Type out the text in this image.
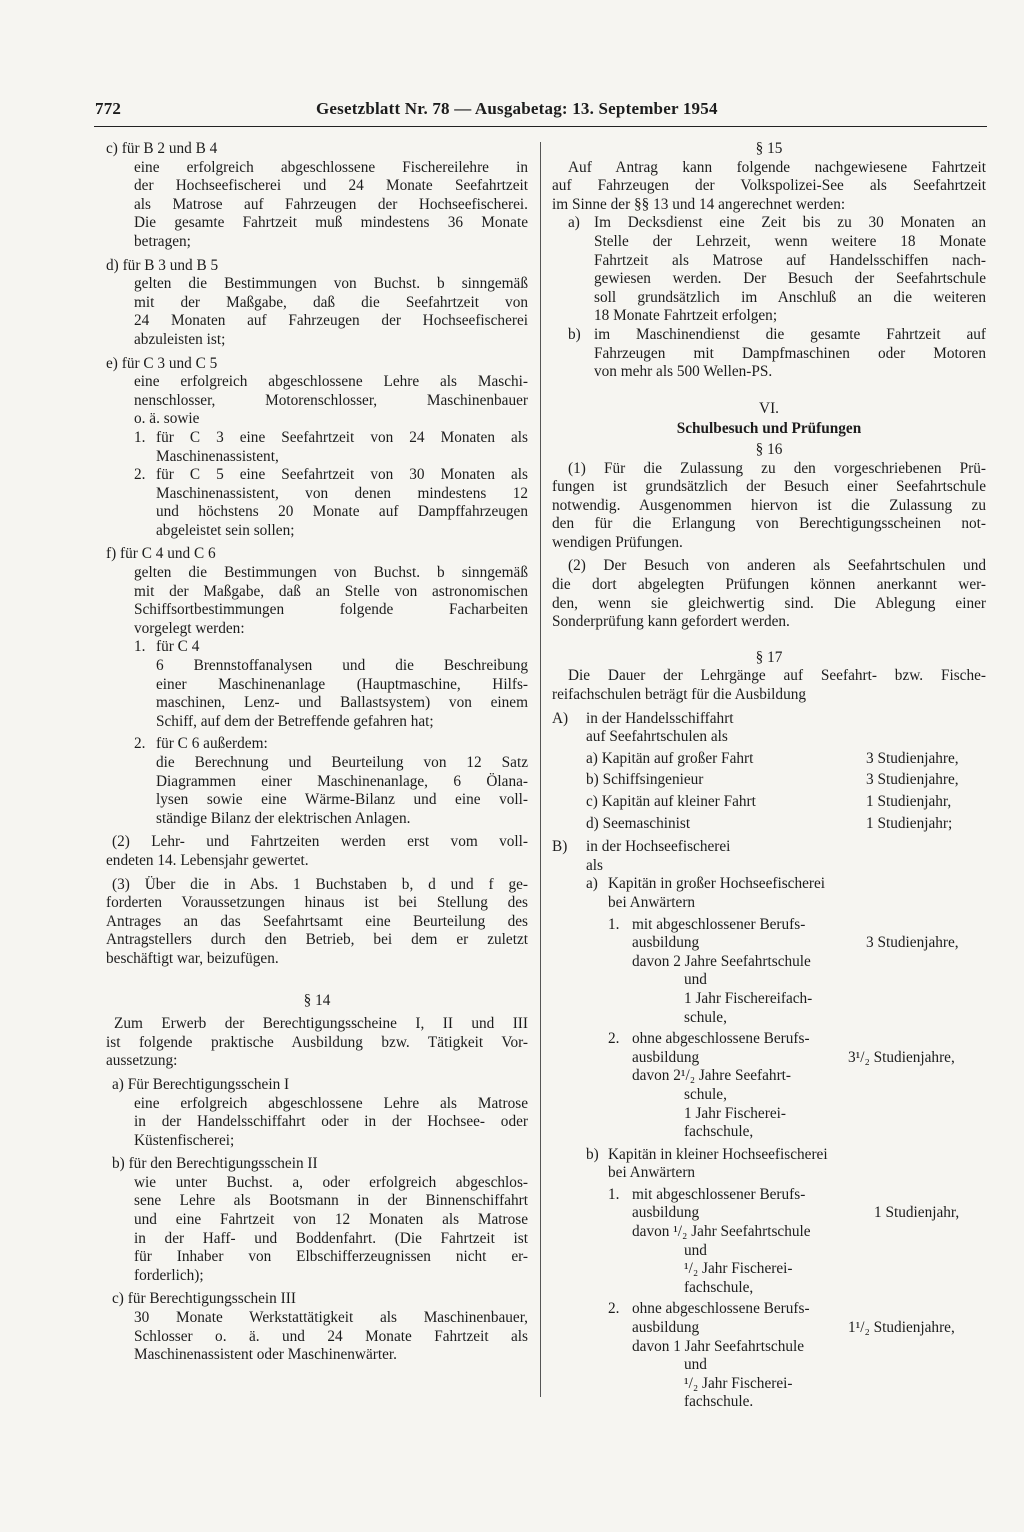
772	Gesetzblatt Nr. 78 — Ausgabetag: 13. September 1954
c) für B 2 und B 4
eine erfolgreich abgeschlossene Fischereilehre in
der Hochseefischerei und 24 Monate Seefahrtzeit
als Matrose auf Fahrzeugen der Hochseefischerei.
Die gesamte Fahrtzeit muß mindestens 36 Monate
betragen;
d) für B 3 und B 5
gelten die Bestimmungen von Buchst. b sinngemäß
mit der Maßgabe, daß die Seefahrtzeit von
24 Monaten auf Fahrzeugen der Hochseefischerei
abzuleisten ist;
e) für C 3 und C 5
eine erfolgreich abgeschlossene Lehre als Maschi-
nenschlosser, Motorenschlosser, Maschinenbauer
o. ä. sowie
1. für C 3 eine Seefahrtzeit von 24 Monaten als
Maschinenassistent,
2. für C 5 eine Seefahrtzeit von 30 Monaten als
Maschinenassistent, von denen mindestens 12
und höchstens 20 Monate auf Dampffahrzeugen
abgeleistet sein sollen;
f) für C 4 und C 6
gelten die Bestimmungen von Buchst. b sinngemäß
mit der Maßgabe, daß an Stelle von astronomischen
Schiffsortbestimmungen folgende Facharbeiten
vorgelegt werden:
1. für C 4
6 Brennstoffanalysen und die Beschreibung
einer Maschinenanlage (Hauptmaschine, Hilfs-
maschinen, Lenz- und Ballastsystem) von einem
Schiff, auf dem der Betreffende gefahren hat;
2. für C 6 außerdem:
die Berechnung und Beurteilung von 12 Satz
Diagrammen einer Maschinenanlage, 6 Ölana-
lysen sowie eine Wärme-Bilanz und eine voll-
ständige Bilanz der elektrischen Anlagen.
(2) Lehr- und Fahrtzeiten werden erst vom voll-
endeten 14. Lebensjahr gewertet.
(3) Über die in Abs. 1 Buchstaben b, d und f ge-
forderten Voraussetzungen hinaus ist bei Stellung des
Antrages an das Seefahrtsamt eine Beurteilung des
Antragstellers durch den Betrieb, bei dem er zuletzt
beschäftigt war, beizufügen.
§ 14
Zum Erwerb der Berechtigungsscheine I, II und III
ist folgende praktische Ausbildung bzw. Tätigkeit Vor-
aussetzung:
a) Für Berechtigungsschein I
eine erfolgreich abgeschlossene Lehre als Matrose
in der Handelsschiffahrt oder in der Hochsee- oder
Küstenfischerei;
b) für den Berechtigungsschein II
wie unter Buchst. a, oder erfolgreich abgeschlos-
sene Lehre als Bootsmann in der Binnenschiffahrt
und eine Fahrtzeit von 12 Monaten als Matrose
in der Haff- und Boddenfahrt. (Die Fahrtzeit ist
für Inhaber von Elbschifferzeugnissen nicht er-
forderlich);
c) für Berechtigungsschein III
30 Monate Werkstattätigkeit als Maschinenbauer,
Schlosser o. ä. und 24 Monate Fahrtzeit als
Maschinenassistent oder Maschinenwärter.
§ 15
Auf Antrag kann folgende nachgewiesene Fahrtzeit
auf Fahrzeugen der Volkspolizei-See als Seefahrtzeit
im Sinne der §§ 13 und 14 angerechnet werden:
a) Im Decksdienst eine Zeit bis zu 30 Monaten an
Stelle der Lehrzeit, wenn weitere 18 Monate
Fahrtzeit als Matrose auf Handelsschiffen nach-
gewiesen werden. Der Besuch der Seefahrtschule
soll grundsätzlich im Anschluß an die weiteren
18 Monate Fahrtzeit erfolgen;
b) im Maschinendienst die gesamte Fahrtzeit auf
Fahrzeugen mit Dampfmaschinen oder Motoren
von mehr als 500 Wellen-PS.
VI.
Schulbesuch und Prüfungen
§ 16
(1) Für die Zulassung zu den vorgeschriebenen Prü-
fungen ist grundsätzlich der Besuch einer Seefahrtschule
notwendig. Ausgenommen hiervon ist die Zulassung zu
den für die Erlangung von Berechtigungsscheinen not-
wendigen Prüfungen.
(2) Der Besuch von anderen als Seefahrtschulen und
die dort abgelegten Prüfungen können anerkannt wer-
den, wenn sie gleichwertig sind. Die Ablegung einer
Sonderprüfung kann gefordert werden.
§ 17
Die Dauer der Lehrgänge auf Seefahrt- bzw. Fische-
reifachschulen beträgt für die Ausbildung
A)	in der Handelsschiffahrt
auf Seefahrtschulen als
a) Kapitän auf großer Fahrt	3 Studienjahre,
b) Schiffsingenieur	3 Studienjahre,
c) Kapitän auf kleiner Fahrt	1 Studienjahr,
d) Seemaschinist	1 Studienjahr;
B)	in der Hochseefischerei
als
a) Kapitän in großer Hochseefischerei
bei Anwärtern
1. mit abgeschlossener Berufs-
ausbildung	3 Studienjahre,
davon 2 Jahre Seefahrtschule
und
1 Jahr Fischereifach-
schule,
2. ohne abgeschlossene Berufs-
ausbildung	3¹/₂ Studienjahre,
davon 2¹/₂ Jahre Seefahrt-
schule,
1 Jahr Fischerei-
fachschule,
b) Kapitän in kleiner Hochseefischerei
bei Anwärtern
1. mit abgeschlossener Berufs-
ausbildung	1 Studienjahr,
davon ¹/₂ Jahr Seefahrtschule
und
¹/₂ Jahr Fischerei-
fachschule,
2. ohne abgeschlossene Berufs-
ausbildung	1¹/₂ Studienjahre,
davon 1 Jahr Seefahrtschule
und
¹/₂ Jahr Fischerei-
fachschule.
